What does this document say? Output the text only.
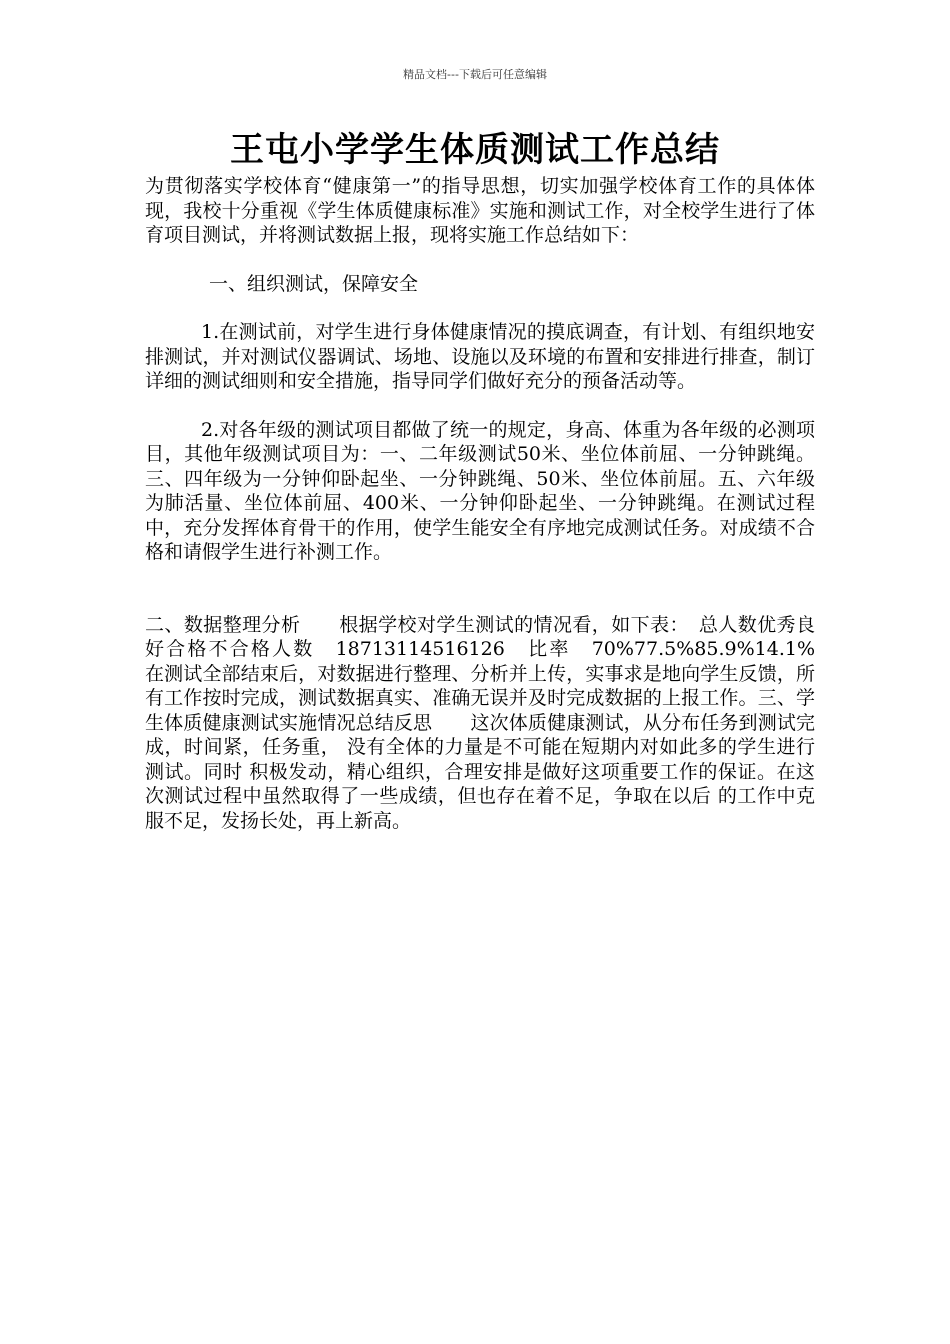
精品文档---下载后可任意编辑
王屯小学学生体质测试工作总结

为贯彻落实学校体育“健康第一”的指导思想，切实加强学校体育工作的具体体现，我校十分重视《学生体质健康标准》实施和测试工作，对全校学生进行了体育项目测试，并将测试数据上报，现将实施工作总结如下：

一、组织测试，保障安全

1.在测试前，对学生进行身体健康情况的摸底调查，有计划、有组织地安排测试，并对测试仪器调试、场地、设施以及环境的布置和安排进行排查，制订详细的测试细则和安全措施，指导同学们做好充分的预备活动等。

2.对各年级的测试项目都做了统一的规定，身高、体重为各年级的必测项目，其他年级测试项目为：一、二年级测试50米、坐位体前屈、一分钟跳绳。三、四年级为一分钟仰卧起坐、一分钟跳绳、50米、坐位体前屈。五、六年级为肺活量、坐位体前屈、400米、一分钟仰卧起坐、一分钟跳绳。在测试过程中，充分发挥体育骨干的作用，使学生能安全有序地完成测试任务。对成绩不合格和请假学生进行补测工作。

二、数据整理分析　　根据学校对学生测试的情况看，如下表：　总人数优秀良好合格不合格人数　18713114516126　比率　70%77.5%85.9%14.1%　　　在测试全部结束后，对数据进行整理、分析并上传，实事求是地向学生反馈，所有工作按时完成，测试数据真实、准确无误并及时完成数据的上报工作。三、学生体质健康测试实施情况总结反思　　这次体质健康测试，从分布任务到测试完成，时间紧，任务重， 没有全体的力量是不可能在短期内对如此多的学生进行测试。同时 积极发动，精心组织，合理安排是做好这项重要工作的保证。在这次测试过程中虽然取得了一些成绩，但也存在着不足，争取在以后 的工作中克服不足，发扬长处，再上新高。
